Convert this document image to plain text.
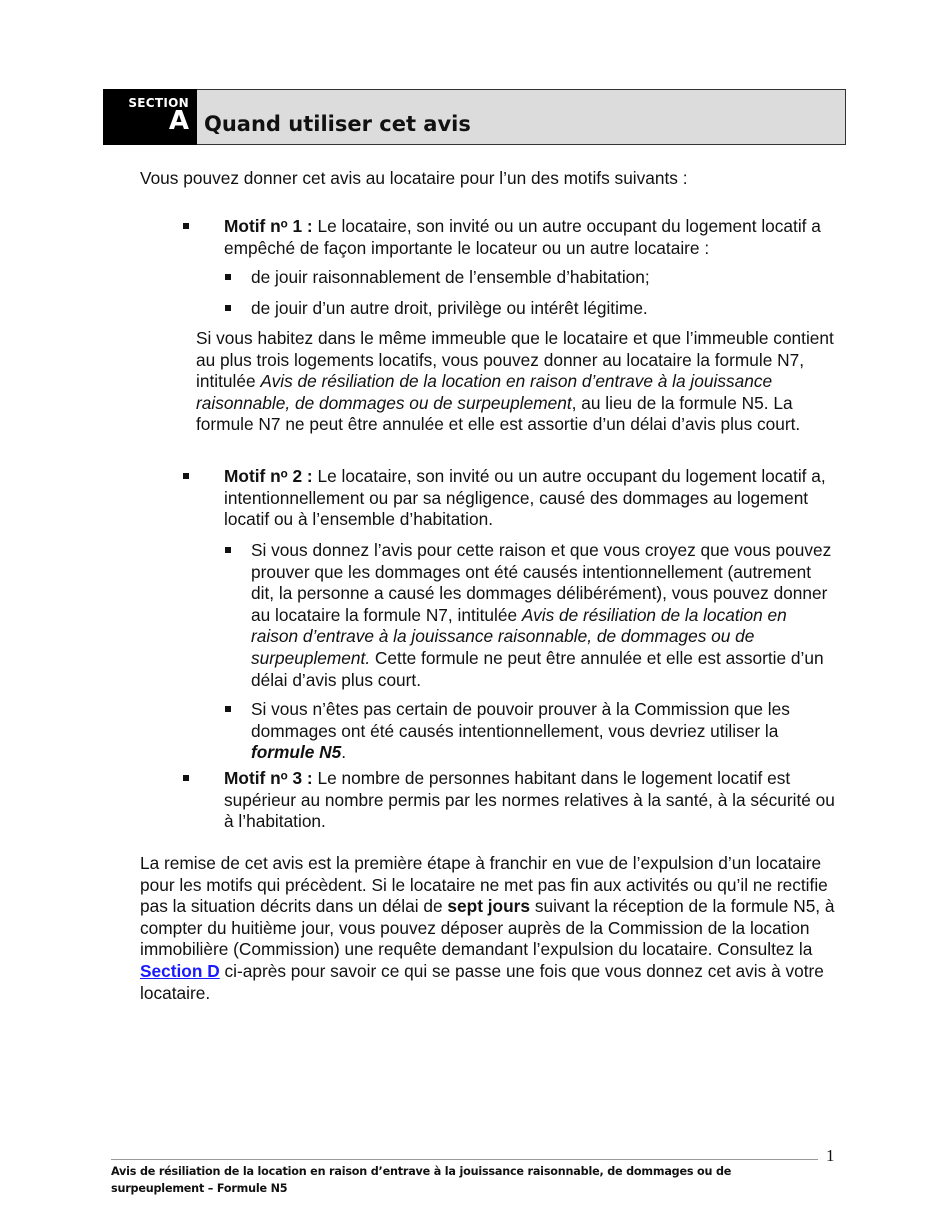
SECTION
A Quand utiliser cet avis
Vous pouvez donner cet avis au locataire pour l’un des motifs suivants :
Motif nᵒ 1 : Le locataire, son invité ou un autre occupant du logement locatif a empêché de façon importante le locateur ou un autre locataire :
de jouir raisonnablement de l’ensemble d’habitation;
de jouir d’un autre droit, privilège ou intérêt légitime.
Si vous habitez dans le même immeuble que le locataire et que l’immeuble contient au plus trois logements locatifs, vous pouvez donner au locataire la formule N7, intitulée Avis de résiliation de la location en raison d’entrave à la jouissance raisonnable, de dommages ou de surpeuplement, au lieu de la formule N5. La formule N7 ne peut être annulée et elle est assortie d’un délai d’avis plus court.
Motif nᵒ 2 : Le locataire, son invité ou un autre occupant du logement locatif a, intentionnellement ou par sa négligence, causé des dommages au logement locatif ou à l’ensemble d’habitation.
Si vous donnez l’avis pour cette raison et que vous croyez que vous pouvez prouver que les dommages ont été causés intentionnellement (autrement dit, la personne a causé les dommages délibérément), vous pouvez donner au locataire la formule N7, intitulée Avis de résiliation de la location en raison d’entrave à la jouissance raisonnable, de dommages ou de surpeuplement. Cette formule ne peut être annulée et elle est assortie d’un délai d’avis plus court.
Si vous n’êtes pas certain de pouvoir prouver à la Commission que les dommages ont été causés intentionnellement, vous devriez utiliser la formule N5.
Motif nᵒ 3 : Le nombre de personnes habitant dans le logement locatif est supérieur au nombre permis par les normes relatives à la santé, à la sécurité ou à l’habitation.
La remise de cet avis est la première étape à franchir en vue de l’expulsion d’un locataire pour les motifs qui précèdent. Si le locataire ne met pas fin aux activités ou qu’il ne rectifie pas la situation décrits dans un délai de sept jours suivant la réception de la formule N5, à compter du huitième jour, vous pouvez déposer auprès de la Commission de la location immobilière (Commission) une requête demandant l’expulsion du locataire. Consultez la Section D ci-après pour savoir ce qui se passe une fois que vous donnez cet avis à votre locataire.
1
Avis de résiliation de la location en raison d’entrave à la jouissance raisonnable, de dommages ou de surpeuplement – Formule N5
